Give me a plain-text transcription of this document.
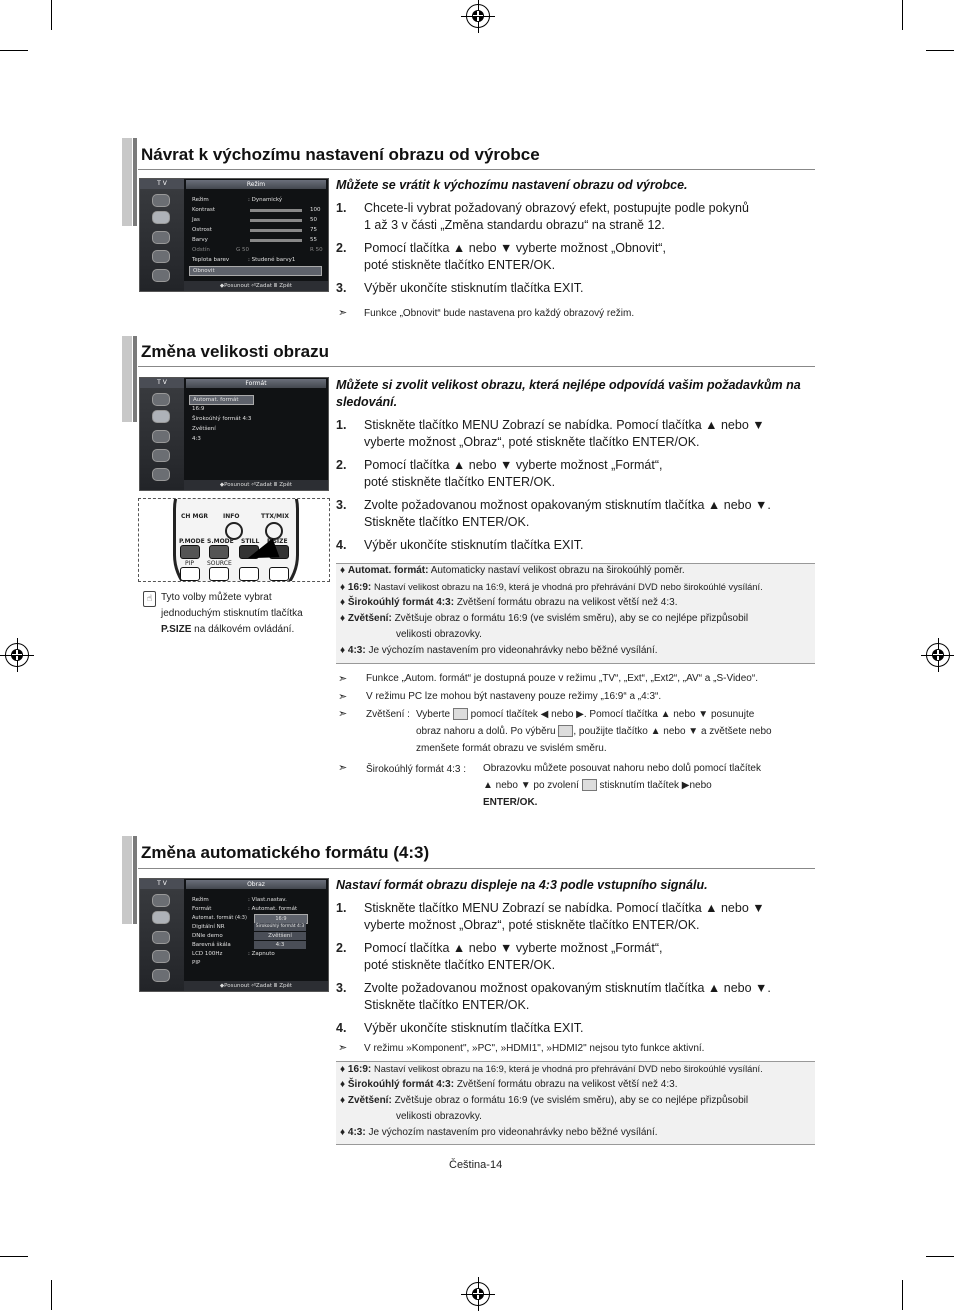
Návrat k výchozímu nastavení obrazu od výrobce
T V	Režim
Režim	: Dynamický
Kontrast	100
Jas	50
Ostrost	75
Barvy	55
Odstín	G 50	R 50
Teplota barev	: Studené barvy1
Obnovit
◆Posunout ⏎Zadat Ⅲ Zpět
Můžete se vrátit k výchozímu nastavení obrazu od výrobce.
1. Chcete-li vybrat požadovaný obrazový efekt, postupujte podle pokynů
1 až 3 v části „Změna standardu obrazu“ na straně 12.
2. Pomocí tlačítka ▲ nebo ▼ vyberte možnost „Obnovit“,
poté stiskněte tlačítko ENTER/OK.
3. Výběr ukončíte stisknutím tlačítka EXIT.
➣ Funkce „Obnovit“ bude nastavena pro každý obrazový režim.
Změna velikosti obrazu
T V	Formát
Automat. formát
16:9
Širokoúhlý formát 4:3
Zvětšení
4:3
◆Posunout ⏎Zadat Ⅲ Zpět
CH MGR INFO	TTX/MIX
P.MODE S.MODE STILL P.SIZE
PIP SOURCE
☝ Tyto volby můžete vybrat
jednoduchým stisknutím tlačítka
P.SIZE na dálkovém ovládání.
Můžete si zvolit velikost obrazu, která nejlépe odpovídá vašim požadavkům na
sledování.
1. Stiskněte tlačítko MENU Zobrazí se nabídka. Pomocí tlačítka ▲ nebo ▼
vyberte možnost „Obraz“, poté stiskněte tlačítko ENTER/OK.
2. Pomocí tlačítka ▲ nebo ▼ vyberte možnost „Formát“,
poté stiskněte tlačítko ENTER/OK.
3. Zvolte požadovanou možnost opakovaným stisknutím tlačítka ▲ nebo ▼.
Stiskněte tlačítko ENTER/OK.
4. Výběr ukončíte stisknutím tlačítka EXIT.
♦ Automat. formát: Automaticky nastaví velikost obrazu na širokoúhlý poměr.
♦ 16:9: Nastaví velikost obrazu na 16:9, která je vhodná pro přehrávání DVD nebo širokoúhlé vysílání.
♦ Širokoúhlý formát 4:3: Zvětšení formátu obrazu na velikost větší než 4:3.
♦ Zvětšení: Zvětšuje obraz o formátu 16:9 (ve svislém směru), aby se co nejlépe přizpůsobil
velikosti obrazovky.
♦ 4:3: Je výchozím nastavením pro videonahrávky nebo běžné vysílání.
➣ Funkce „Autom. formát“ je dostupná pouze v režimu „TV“, „Ext“, „Ext2“, „AV“ a „S-Video“.
➣ V režimu PC lze mohou být nastaveny pouze režimy „16:9“ a „4:3“.
➣ Zvětšení : Vyberte pomocí tlačítek ◀ nebo ▶. Pomocí tlačítka ▲ nebo ▼ posunujte
obraz nahoru a dolů. Po výběru , použijte tlačítko ▲ nebo ▼ a zvětšete nebo
zmenšete formát obrazu ve svislém směru.
➣ Širokoúhlý formát 4:3 : Obrazovku můžete posouvat nahoru nebo dolů pomocí tlačítek
▲ nebo ▼ po zvolení stisknutím tlačítek ▶nebo
ENTER/OK.
Změna automatického formátu (4:3)
T V	Obraz
Režim	: Vlast.nastav.
Formát	: Automat. formát
Automat. formát (4:3)	16:9
Digitální NR	Širokoúhlý formát 4:3
DNIe demo	Zvětšení
Barevná škála	4:3
LCD 100Hz	: Zapnuto
PIP
◆Posunout ⏎Zadat Ⅲ Zpět
Nastaví formát obrazu displeje na 4:3 podle vstupního signálu.
1. Stiskněte tlačítko MENU Zobrazí se nabídka. Pomocí tlačítka ▲ nebo ▼
vyberte možnost „Obraz“, poté stiskněte tlačítko ENTER/OK.
2. Pomocí tlačítka ▲ nebo ▼ vyberte možnost „Formát“,
poté stiskněte tlačítko ENTER/OK.
3. Zvolte požadovanou možnost opakovaným stisknutím tlačítka ▲ nebo ▼.
Stiskněte tlačítko ENTER/OK.
4. Výběr ukončíte stisknutím tlačítka EXIT.
➣ V režimu »Komponent", »PC", »HDMI1", »HDMI2" nejsou tyto funkce aktivní.
♦ 16:9: Nastaví velikost obrazu na 16:9, která je vhodná pro přehrávání DVD nebo širokoúhlé vysílání.
♦ Širokoúhlý formát 4:3: Zvětšení formátu obrazu na velikost větší než 4:3.
♦ Zvětšení: Zvětšuje obraz o formátu 16:9 (ve svislém směru), aby se co nejlépe přizpůsobil
velikosti obrazovky.
♦ 4:3: Je výchozím nastavením pro videonahrávky nebo běžné vysílání.
Čeština-14
